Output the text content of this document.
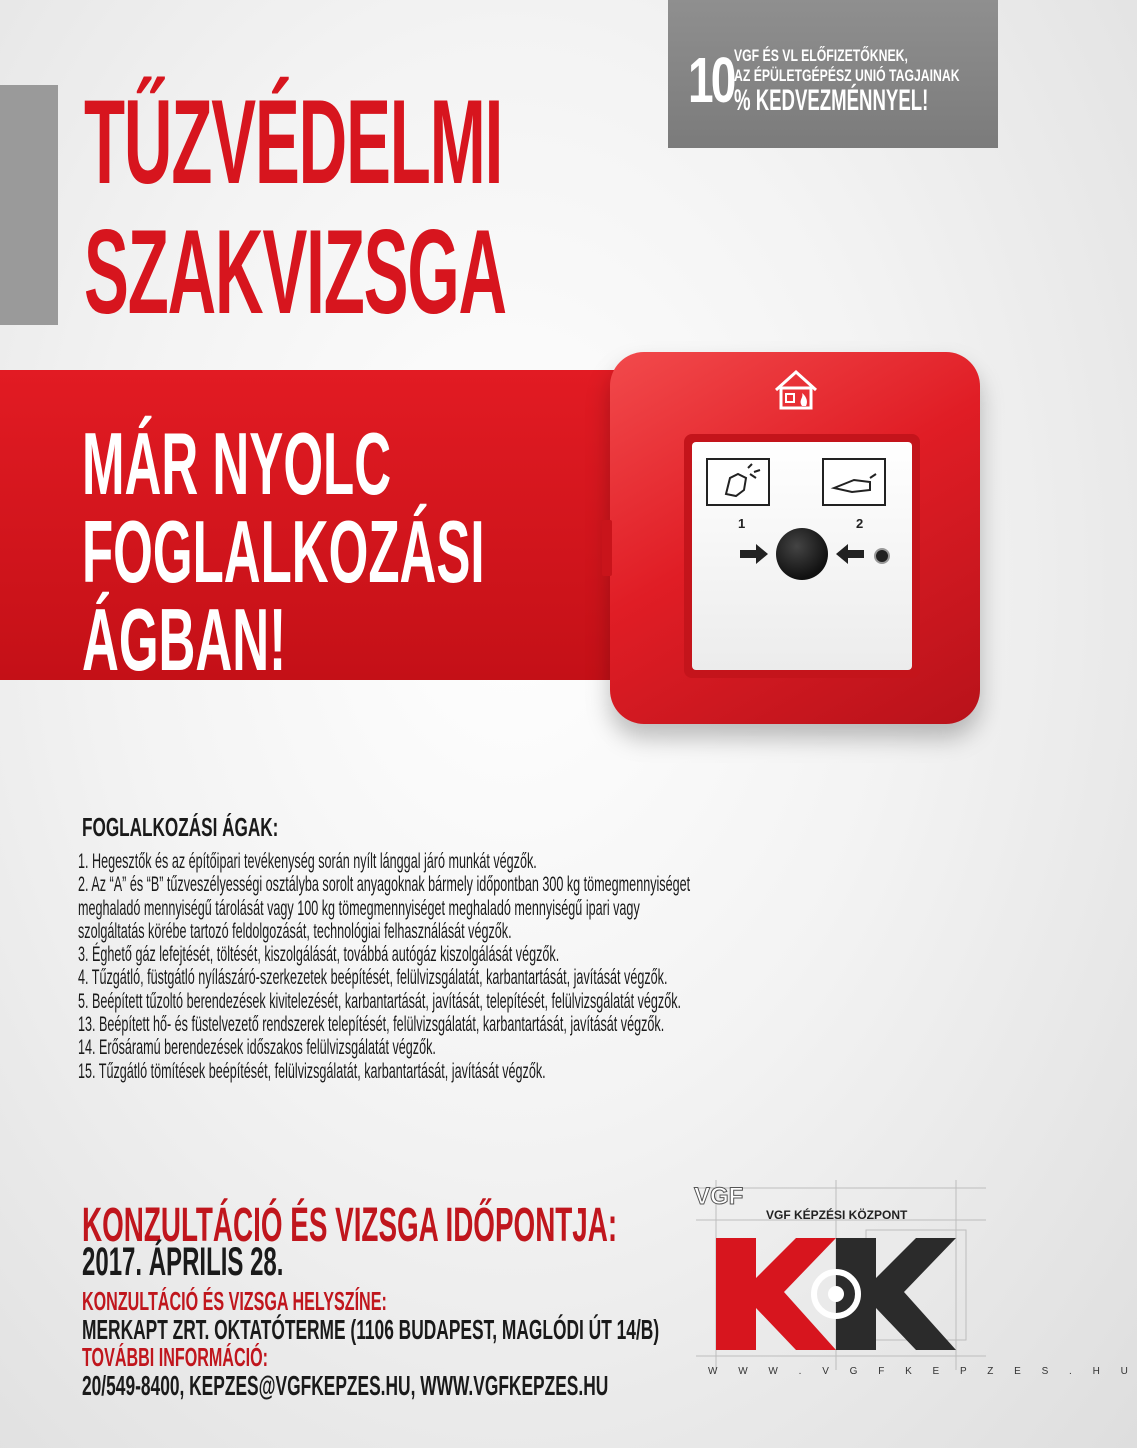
10 VGF ÉS VL ELŐFIZETŐKNEK,
AZ ÉPÜLETGÉPÉSZ UNIÓ TAGJAINAK
% KEDVEZMÉNNYEL!
TŰZVÉDELMI
SZAKVIZSGA
MÁR NYOLC
FOGLALKOZÁSI
ÁGBAN!
1	2
FOGLALKOZÁSI ÁGAK:
1. Hegesztők és az építőipari tevékenység során nyílt lánggal járó munkát végzők.
2. Az “A” és “B” tűzveszélyességi osztályba sorolt anyagoknak bármely időpontban 300 kg tömegmennyiséget
meghaladó mennyiségű tárolását vagy 100 kg tömegmennyiséget meghaladó mennyiségű ipari vagy
szolgáltatás körébe tartozó feldolgozását, technológiai felhasználását végzők.
3. Éghető gáz lefejtését, töltését, kiszolgálását, továbbá autógáz kiszolgálását végzők.
4. Tűzgátló, füstgátló nyílászáró-szerkezetek beépítését, felülvizsgálatát, karbantartását, javítását végzők.
5. Beépített tűzoltó berendezések kivitelezését, karbantartását, javítását, telepítését, felülvizsgálatát végzők.
13. Beépített hő- és füstelvezető rendszerek telepítését, felülvizsgálatát, karbantartását, javítását végzők.
14. Erősáramú berendezések időszakos felülvizsgálatát végzők.
15. Tűzgátló tömítések beépítését, felülvizsgálatát, karbantartását, javítását végzők.
KONZULTÁCIÓ ÉS VIZSGA IDŐPONTJA:
2017. ÁPRILIS 28.
KONZULTÁCIÓ ÉS VIZSGA HELYSZÍNE:
MERKAPT ZRT. OKTATÓTERME (1106 BUDAPEST, MAGLÓDI ÚT 14/B)
TOVÁBBI INFORMÁCIÓ:
20/549-8400, KEPZES@VGFKEPZES.HU, WWW.VGFKEPZES.HU
VGF
VGF KÉPZÉSI KÖZPONT
W W W . V G F K E P Z E S . H U
